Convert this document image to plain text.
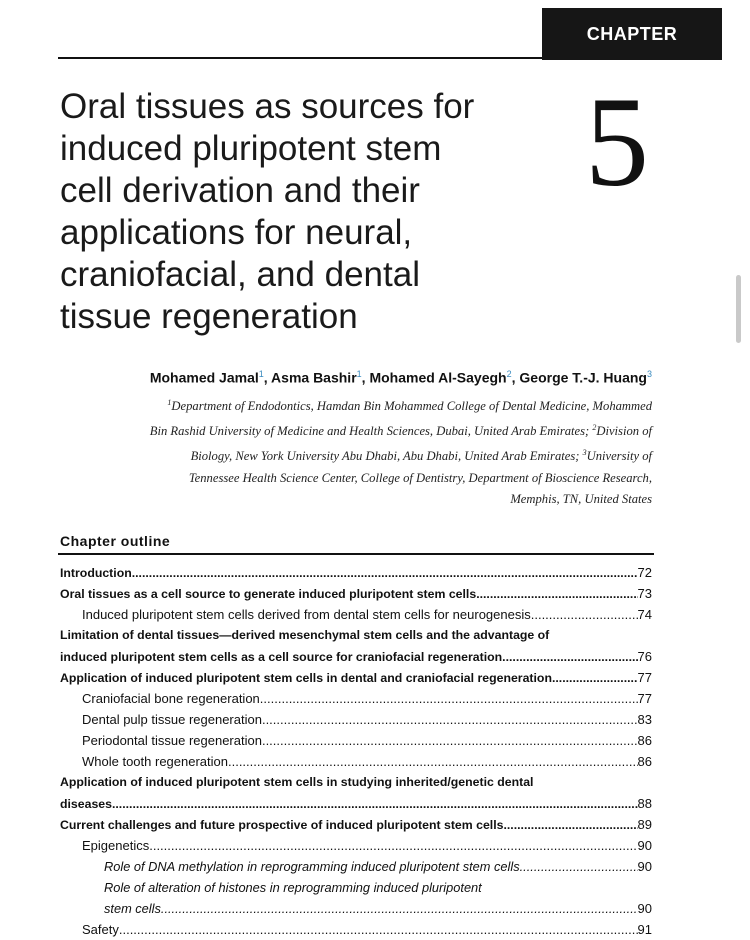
CHAPTER
5
Oral tissues as sources for
induced pluripotent stem
cell derivation and their
applications for neural,
craniofacial, and dental
tissue regeneration
Mohamed Jamal$^1$, Asma Bashir$^1$, Mohamed Al-Sayegh$^2$, George T.-J. Huang$^3$
$^1$Department of Endodontics, Hamdan Bin Mohammed College of Dental Medicine, Mohammed
Bin Rashid University of Medicine and Health Sciences, Dubai, United Arab Emirates; $^2$Division of
Biology, New York University Abu Dhabi, Abu Dhabi, United Arab Emirates; $^3$University of
Tennessee Health Science Center, College of Dentistry, Department of Bioscience Research,
Memphis, TN, United States
Chapter outline
Introduction .....	72
Oral tissues as a cell source to generate induced pluripotent stem cells .....	73
Induced pluripotent stem cells derived from dental stem cells for neurogenesis .....	74
Limitation of dental tissues—derived mesenchymal stem cells and the advantage of
induced pluripotent stem cells as a cell source for craniofacial regeneration .....	76
Application of induced pluripotent stem cells in dental and craniofacial regeneration .....	77
Craniofacial bone regeneration .....	77
Dental pulp tissue regeneration .....	83
Periodontal tissue regeneration .....	86
Whole tooth regeneration .....	86
Application of induced pluripotent stem cells in studying inherited/genetic dental
diseases .....	88
Current challenges and future prospective of induced pluripotent stem cells .....	89
Epigenetics .....	90
Role of DNA methylation in reprogramming induced pluripotent stem cells .....	90
Role of alteration of histones in reprogramming induced pluripotent
stem cells .....	90
Safety .....	91
